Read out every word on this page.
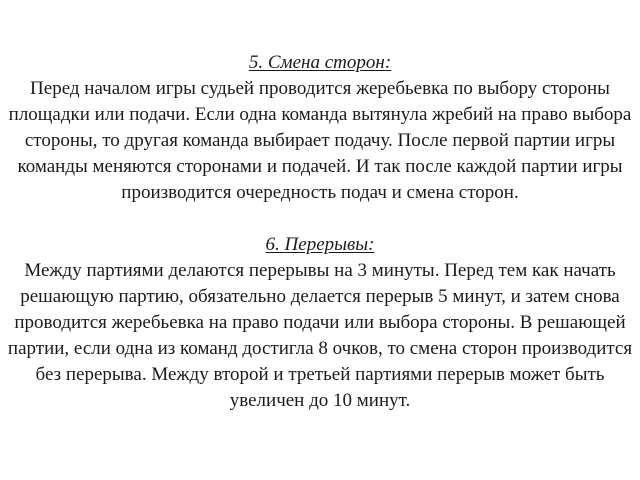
5. Смена сторон:

Перед началом игры судьей проводится жеребьевка по выбору стороны площадки или подачи. Если одна команда вытянула жребий на право выбора стороны, то другая команда выбирает подачу. После первой партии игры команды меняются сторонами и подачей. И так после каждой партии игры производится очередность подач и смена сторон.

6. Перерывы:

Между партиями делаются перерывы на 3 минуты. Перед тем как начать решающую партию, обязательно делается перерыв 5 минут, и затем снова проводится жеребьевка на право подачи или выбора стороны. В решающей партии, если одна из команд достигла 8 очков, то смена сторон производится без перерыва. Между второй и третьей партиями перерыв может быть увеличен до 10 минут.
